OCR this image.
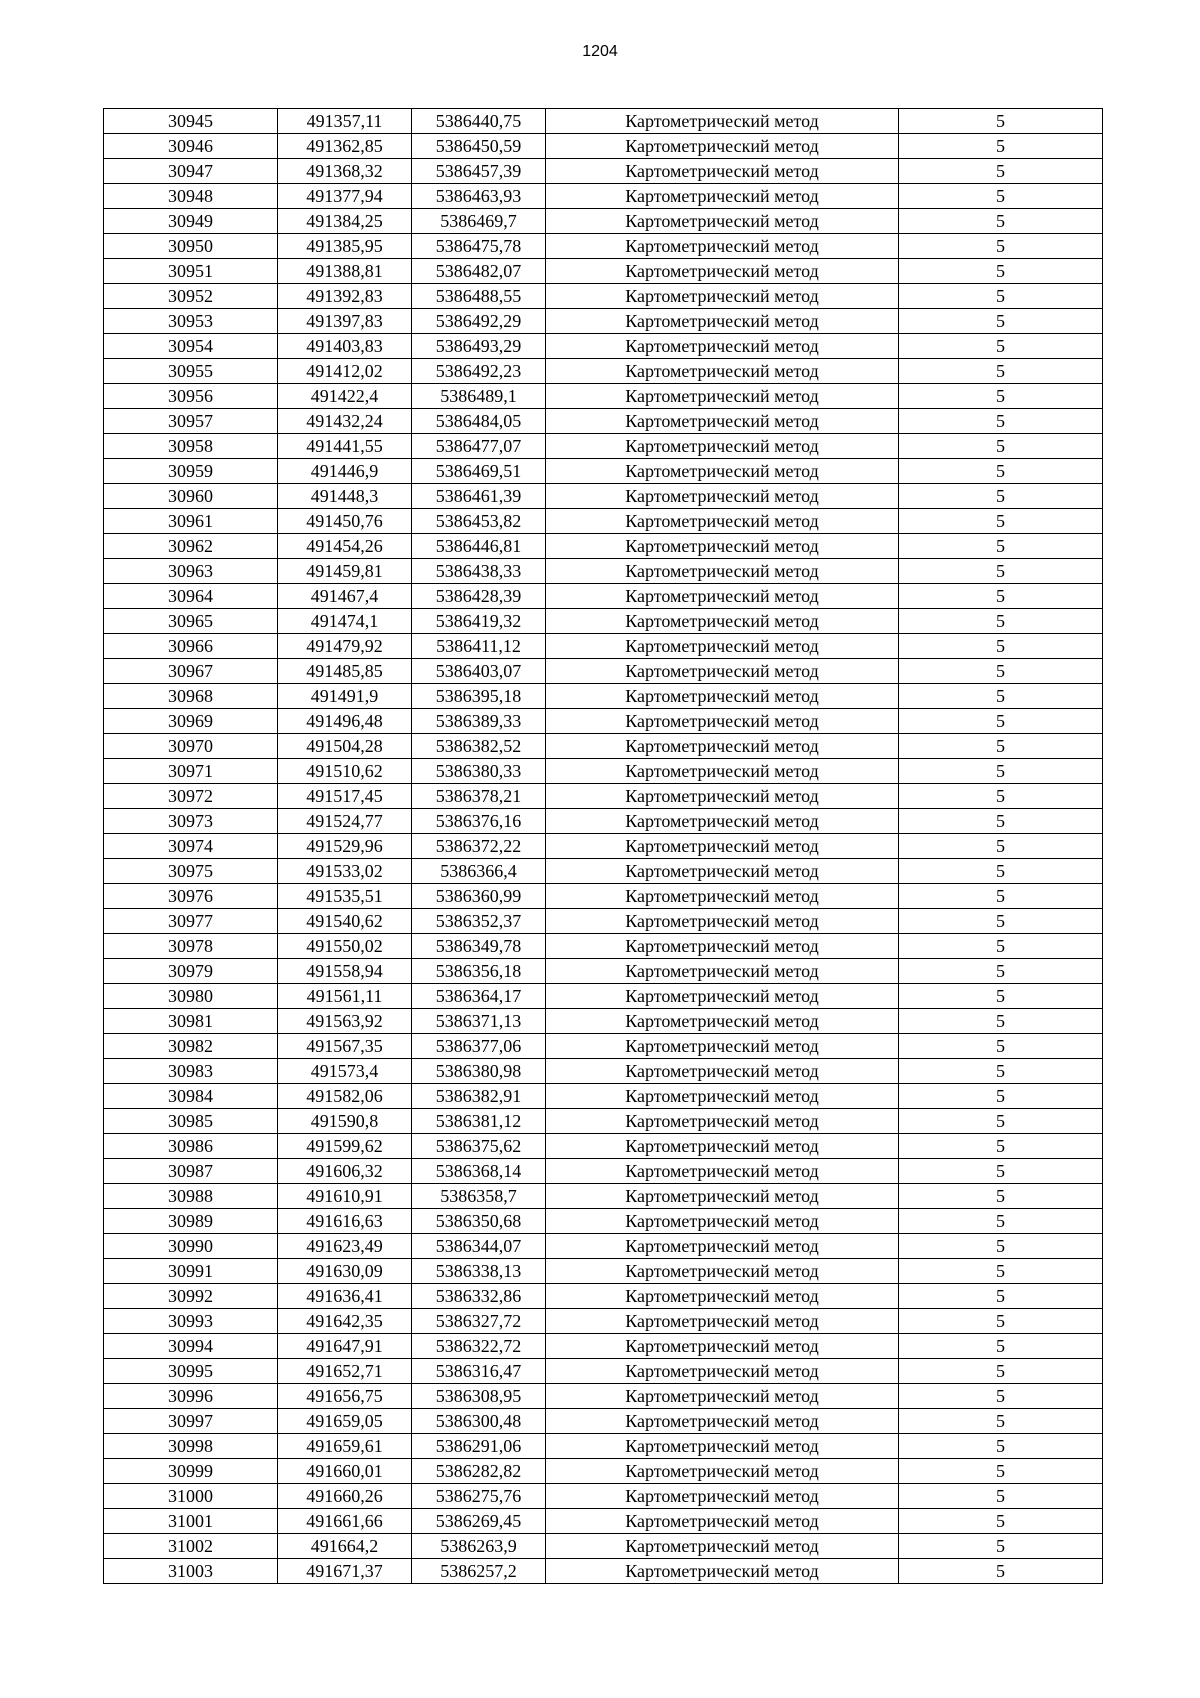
1204
30945	491357,11	5386440,75	Картометрический метод	5
30946	491362,85	5386450,59	Картометрический метод	5
30947	491368,32	5386457,39	Картометрический метод	5
30948	491377,94	5386463,93	Картометрический метод	5
30949	491384,25	5386469,7	Картометрический метод	5
30950	491385,95	5386475,78	Картометрический метод	5
30951	491388,81	5386482,07	Картометрический метод	5
30952	491392,83	5386488,55	Картометрический метод	5
30953	491397,83	5386492,29	Картометрический метод	5
30954	491403,83	5386493,29	Картометрический метод	5
30955	491412,02	5386492,23	Картометрический метод	5
30956	491422,4	5386489,1	Картометрический метод	5
30957	491432,24	5386484,05	Картометрический метод	5
30958	491441,55	5386477,07	Картометрический метод	5
30959	491446,9	5386469,51	Картометрический метод	5
30960	491448,3	5386461,39	Картометрический метод	5
30961	491450,76	5386453,82	Картометрический метод	5
30962	491454,26	5386446,81	Картометрический метод	5
30963	491459,81	5386438,33	Картометрический метод	5
30964	491467,4	5386428,39	Картометрический метод	5
30965	491474,1	5386419,32	Картометрический метод	5
30966	491479,92	5386411,12	Картометрический метод	5
30967	491485,85	5386403,07	Картометрический метод	5
30968	491491,9	5386395,18	Картометрический метод	5
30969	491496,48	5386389,33	Картометрический метод	5
30970	491504,28	5386382,52	Картометрический метод	5
30971	491510,62	5386380,33	Картометрический метод	5
30972	491517,45	5386378,21	Картометрический метод	5
30973	491524,77	5386376,16	Картометрический метод	5
30974	491529,96	5386372,22	Картометрический метод	5
30975	491533,02	5386366,4	Картометрический метод	5
30976	491535,51	5386360,99	Картометрический метод	5
30977	491540,62	5386352,37	Картометрический метод	5
30978	491550,02	5386349,78	Картометрический метод	5
30979	491558,94	5386356,18	Картометрический метод	5
30980	491561,11	5386364,17	Картометрический метод	5
30981	491563,92	5386371,13	Картометрический метод	5
30982	491567,35	5386377,06	Картометрический метод	5
30983	491573,4	5386380,98	Картометрический метод	5
30984	491582,06	5386382,91	Картометрический метод	5
30985	491590,8	5386381,12	Картометрический метод	5
30986	491599,62	5386375,62	Картометрический метод	5
30987	491606,32	5386368,14	Картометрический метод	5
30988	491610,91	5386358,7	Картометрический метод	5
30989	491616,63	5386350,68	Картометрический метод	5
30990	491623,49	5386344,07	Картометрический метод	5
30991	491630,09	5386338,13	Картометрический метод	5
30992	491636,41	5386332,86	Картометрический метод	5
30993	491642,35	5386327,72	Картометрический метод	5
30994	491647,91	5386322,72	Картометрический метод	5
30995	491652,71	5386316,47	Картометрический метод	5
30996	491656,75	5386308,95	Картометрический метод	5
30997	491659,05	5386300,48	Картометрический метод	5
30998	491659,61	5386291,06	Картометрический метод	5
30999	491660,01	5386282,82	Картометрический метод	5
31000	491660,26	5386275,76	Картометрический метод	5
31001	491661,66	5386269,45	Картометрический метод	5
31002	491664,2	5386263,9	Картометрический метод	5
31003	491671,37	5386257,2	Картометрический метод	5
